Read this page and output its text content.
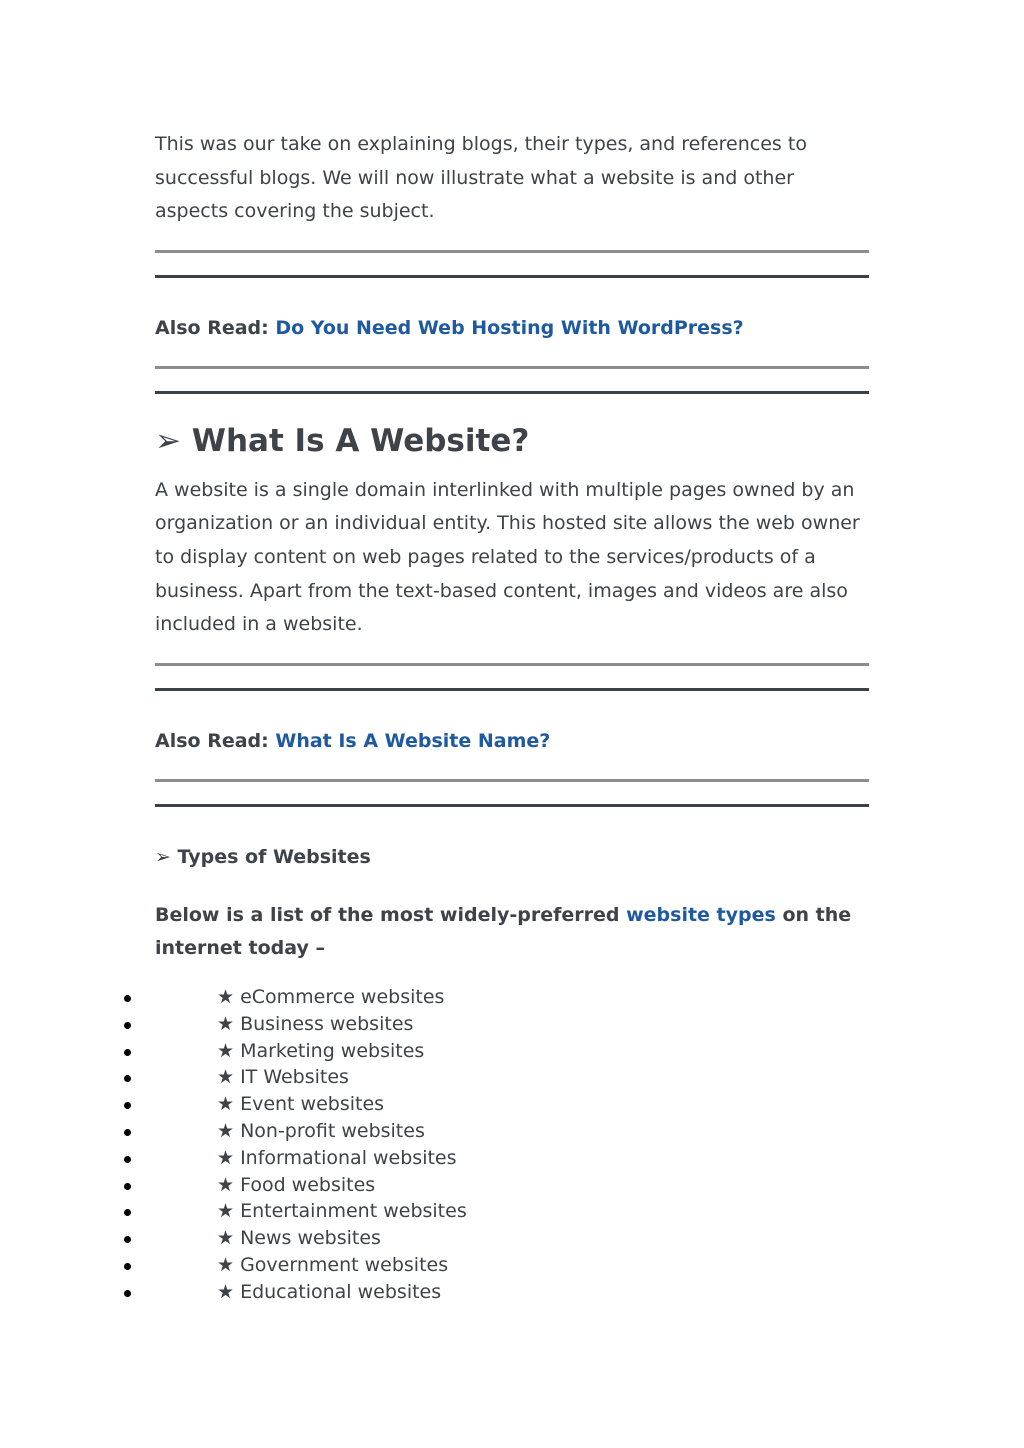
This was our take on explaining blogs, their types, and references to successful blogs. We will now illustrate what a website is and other aspects covering the subject.

Also Read: Do You Need Web Hosting With WordPress?

➢ What Is A Website?

A website is a single domain interlinked with multiple pages owned by an organization or an individual entity. This hosted site allows the web owner to display content on web pages related to the services/products of a business. Apart from the text-based content, images and videos are also included in a website.

Also Read: What Is A Website Name?

➢ Types of Websites

Below is a list of the most widely-preferred website types on the internet today –

★ eCommerce websites
★ Business websites
★ Marketing websites
★ IT Websites
★ Event websites
★ Non-profit websites
★ Informational websites
★ Food websites
★ Entertainment websites
★ News websites
★ Government websites
★ Educational websites
